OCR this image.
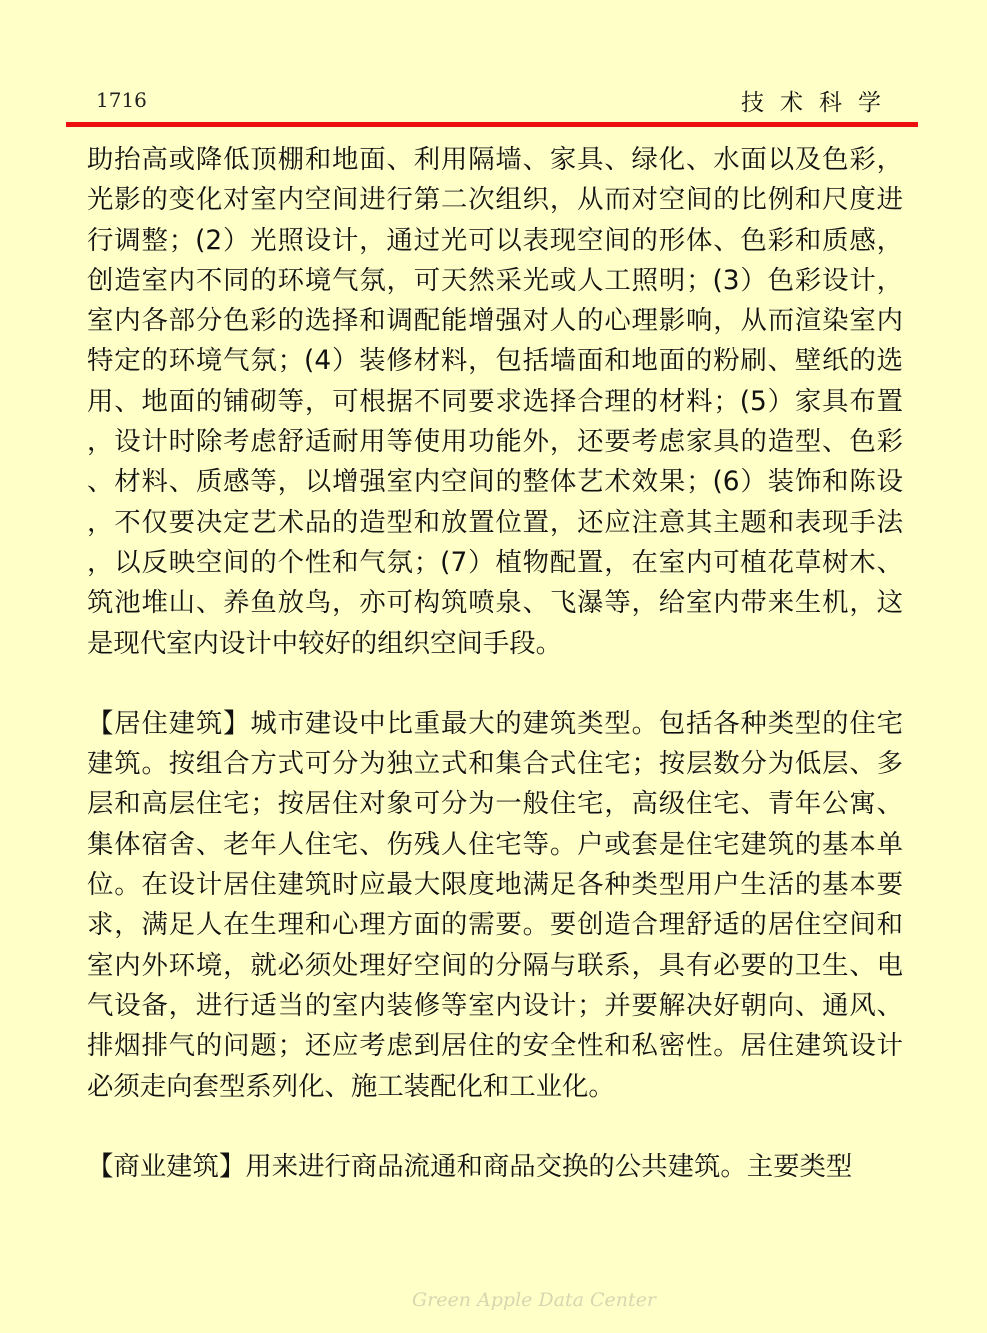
1716	技术科学

助抬高或降低顶棚和地面、利用隔墙、家具、绿化、水面以及色彩，光影的变化对室内空间进行第二次组织，从而对空间的比例和尺度进行调整；(2）光照设计，通过光可以表现空间的形体、色彩和质感，创造室内不同的环境气氛，可天然采光或人工照明；(3）色彩设计，室内各部分色彩的选择和调配能增强对人的心理影响，从而渲染室内特定的环境气氛；(4）装修材料，包括墙面和地面的粉刷、壁纸的选用、地面的铺砌等，可根据不同要求选择合理的材料；(5）家具布置，设计时除考虑舒适耐用等使用功能外，还要考虑家具的造型、色彩、材料、质感等，以增强室内空间的整体艺术效果；(6）装饰和陈设，不仅要决定艺术品的造型和放置位置，还应注意其主题和表现手法，以反映空间的个性和气氛；(7）植物配置，在室内可植花草树木、筑池堆山、养鱼放鸟，亦可构筑喷泉、飞瀑等，给室内带来生机，这是现代室内设计中较好的组织空间手段。

【居住建筑】城市建设中比重最大的建筑类型。包括各种类型的住宅建筑。按组合方式可分为独立式和集合式住宅；按层数分为低层、多层和高层住宅；按居住对象可分为一般住宅，高级住宅、青年公寓、集体宿舍、老年人住宅、伤残人住宅等。户或套是住宅建筑的基本单位。在设计居住建筑时应最大限度地满足各种类型用户生活的基本要求，满足人在生理和心理方面的需要。要创造合理舒适的居住空间和室内外环境，就必须处理好空间的分隔与联系，具有必要的卫生、电气设备，进行适当的室内装修等室内设计；并要解决好朝向、通风、排烟排气的问题；还应考虑到居住的安全性和私密性。居住建筑设计必须走向套型系列化、施工装配化和工业化。

【商业建筑】用来进行商品流通和商品交换的公共建筑。主要类型

Green Apple Data Center
